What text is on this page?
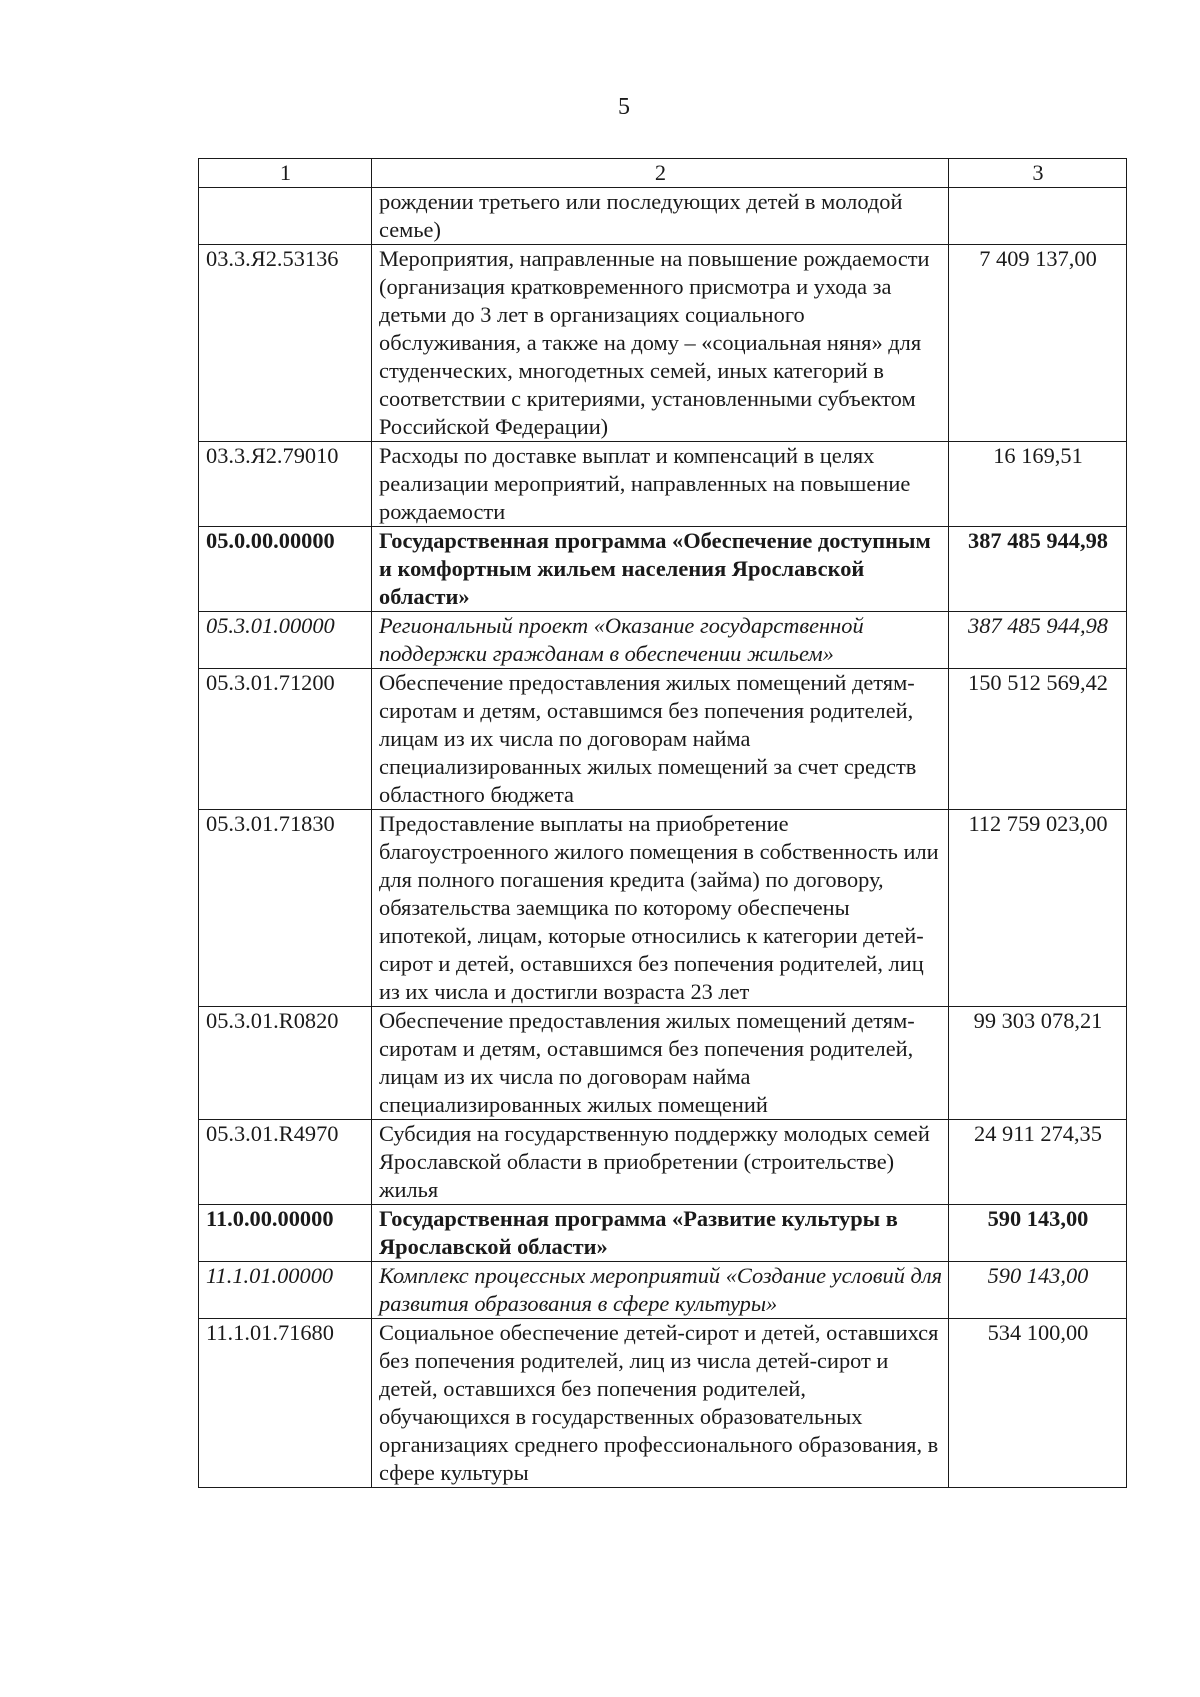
5
1	2	3
	рождении третьего или последующих детей в молодой семье)	
03.3.Я2.53136	Мероприятия, направленные на повышение рождаемости (организация кратковременного присмотра и ухода за детьми до 3 лет в организациях социального обслуживания, а также на дому – «социальная няня» для студенческих, многодетных семей, иных категорий в соответствии с критериями, установленными субъектом Российской Федерации)	7 409 137,00
03.3.Я2.79010	Расходы по доставке выплат и компенсаций в целях реализации мероприятий, направленных на повышение рождаемости	16 169,51
05.0.00.00000	Государственная программа «Обеспечение доступным и комфортным жильем населения Ярославской области»	387 485 944,98
05.3.01.00000	Региональный проект «Оказание государственной поддержки гражданам в обеспечении жильем»	387 485 944,98
05.3.01.71200	Обеспечение предоставления жилых помещений детям-сиротам и детям, оставшимся без попечения родителей, лицам из их числа по договорам найма специализированных жилых помещений за счет средств областного бюджета	150 512 569,42
05.3.01.71830	Предоставление выплаты на приобретение благоустроенного жилого помещения в собственность или для полного погашения кредита (займа) по договору, обязательства заемщика по которому обеспечены ипотекой, лицам, которые относились к категории детей-сирот и детей, оставшихся без попечения родителей, лиц из их числа и достигли возраста 23 лет	112 759 023,00
05.3.01.R0820	Обеспечение предоставления жилых помещений детям-сиротам и детям, оставшимся без попечения родителей, лицам из их числа по договорам найма специализированных жилых помещений	99 303 078,21
05.3.01.R4970	Субсидия на государственную поддержку молодых семей Ярославской области в приобретении (строительстве) жилья	24 911 274,35
11.0.00.00000	Государственная программа «Развитие культуры в Ярославской области»	590 143,00
11.1.01.00000	Комплекс процессных мероприятий «Создание условий для развития образования в сфере культуры»	590 143,00
11.1.01.71680	Социальное обеспечение детей-сирот и детей, оставшихся без попечения родителей, лиц из числа детей-сирот и детей, оставшихся без попечения родителей, обучающихся в государственных образовательных организациях среднего профессионального образования, в сфере культуры	534 100,00
